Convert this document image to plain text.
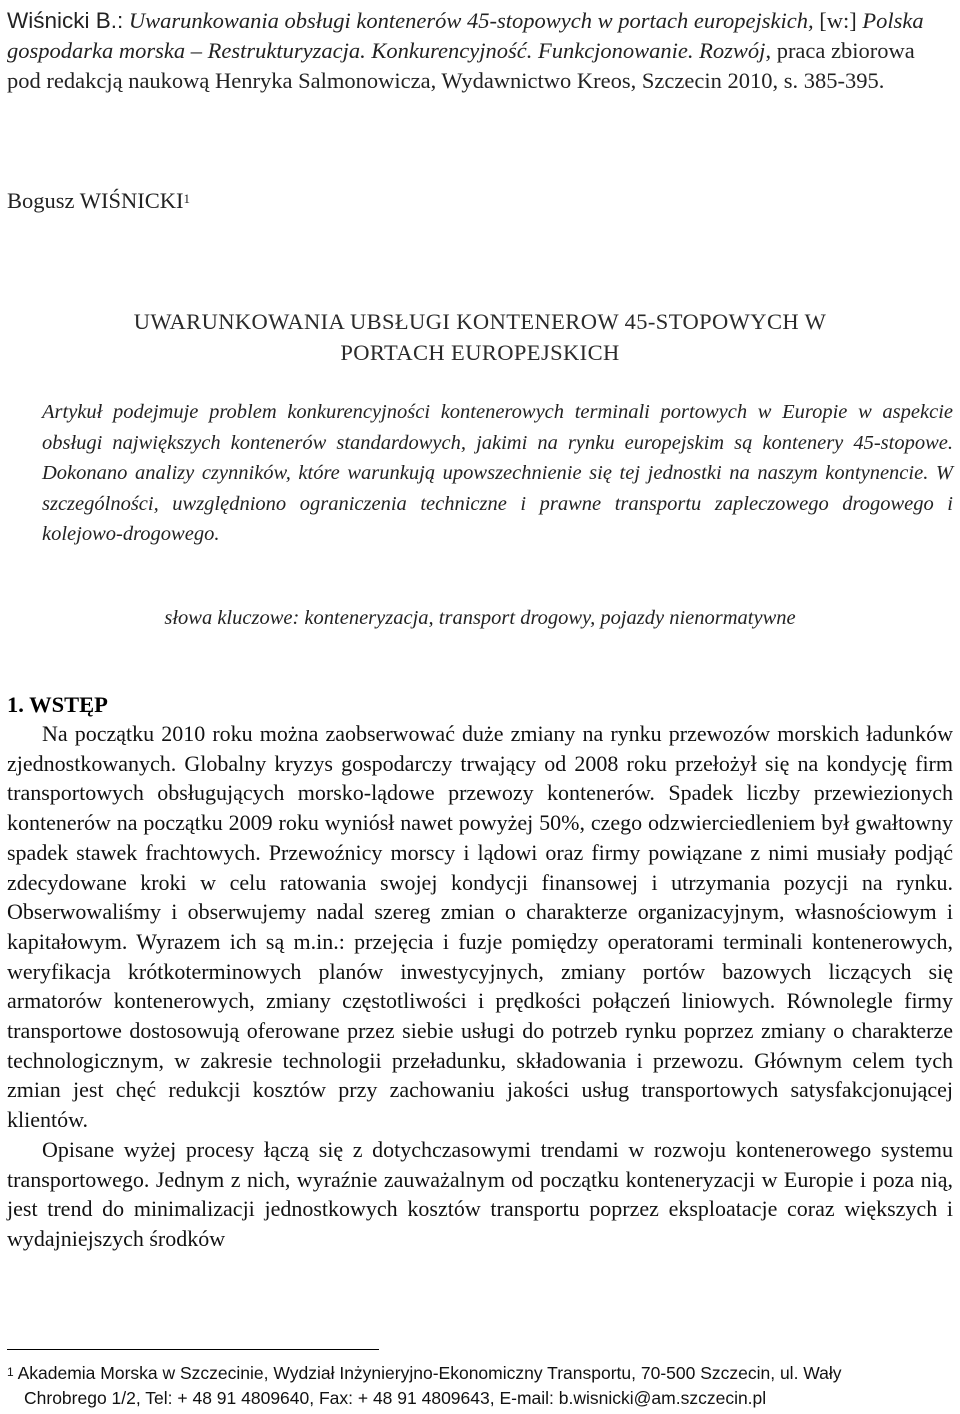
Wiśnicki B.: Uwarunkowania obsługi kontenerów 45-stopowych w portach europejskich, [w:] Polska gospodarka morska – Restrukturyzacja. Konkurencyjność. Funkcjonowanie. Rozwój, praca zbiorowa pod redakcją naukową Henryka Salmonowicza, Wydawnictwo Kreos, Szczecin 2010, s. 385-395.
Bogusz WIŚNICKI$^1$
UWARUNKOWANIA UBSŁUGI KONTENEROW 45-STOPOWYCH W
PORTACH EUROPEJSKICH
Artykuł podejmuje problem konkurencyjności kontenerowych terminali portowych w Europie w aspekcie obsługi największych kontenerów standardowych, jakimi na rynku europejskim są kontenery 45-stopowe. Dokonano analizy czynników, które warunkują upowszechnienie się tej jednostki na naszym kontynencie. W szczególności, uwzględniono ograniczenia techniczne i prawne transportu zapleczowego drogowego i kolejowo-drogowego.
słowa kluczowe: konteneryzacja, transport drogowy, pojazdy nienormatywne
1. WSTĘP

Na początku 2010 roku można zaobserwować duże zmiany na rynku przewozów morskich ładunków zjednostkowanych. Globalny kryzys gospodarczy trwający od 2008 roku przełożył się na kondycję firm transportowych obsługujących morsko-lądowe przewozy kontenerów. Spadek liczby przewiezionych kontenerów na początku 2009 roku wyniósł nawet powyżej 50%, czego odzwierciedleniem był gwałtowny spadek stawek frachtowych. Przewoźnicy morscy i lądowi oraz firmy powiązane z nimi musiały podjąć zdecydowane kroki w celu ratowania swojej kondycji finansowej i utrzymania pozycji na rynku. Obserwowaliśmy i obserwujemy nadal szereg zmian o charakterze organizacyjnym, własnościowym i kapitałowym. Wyrazem ich są m.in.: przejęcia i fuzje pomiędzy operatorami terminali kontenerowych, weryfikacja krótkoterminowych planów inwestycyjnych, zmiany portów bazowych liczących się armatorów kontenerowych, zmiany częstotliwości i prędkości połączeń liniowych. Równolegle firmy transportowe dostosowują oferowane przez siebie usługi do potrzeb rynku poprzez zmiany o charakterze technologicznym, w zakresie technologii przeładunku, składowania i przewozu. Głównym celem tych zmian jest chęć redukcji kosztów przy zachowaniu jakości usług transportowych satysfakcjonującej klientów.

Opisane wyżej procesy łączą się z dotychczasowymi trendami w rozwoju kontenerowego systemu transportowego. Jednym z nich, wyraźnie zauważalnym od początku konteneryzacji w Europie i poza nią, jest trend do minimalizacji jednostkowych kosztów transportu poprzez eksploatacje coraz większych i wydajniejszych środków

$^1$ Akademia Morska w Szczecinie, Wydział Inżynieryjno-Ekonomiczny Transportu, 70-500 Szczecin, ul. Wały
Chrobrego 1/2, Tel: + 48 91 4809640, Fax: + 48 91 4809643, E-mail: b.wisnicki@am.szczecin.pl
